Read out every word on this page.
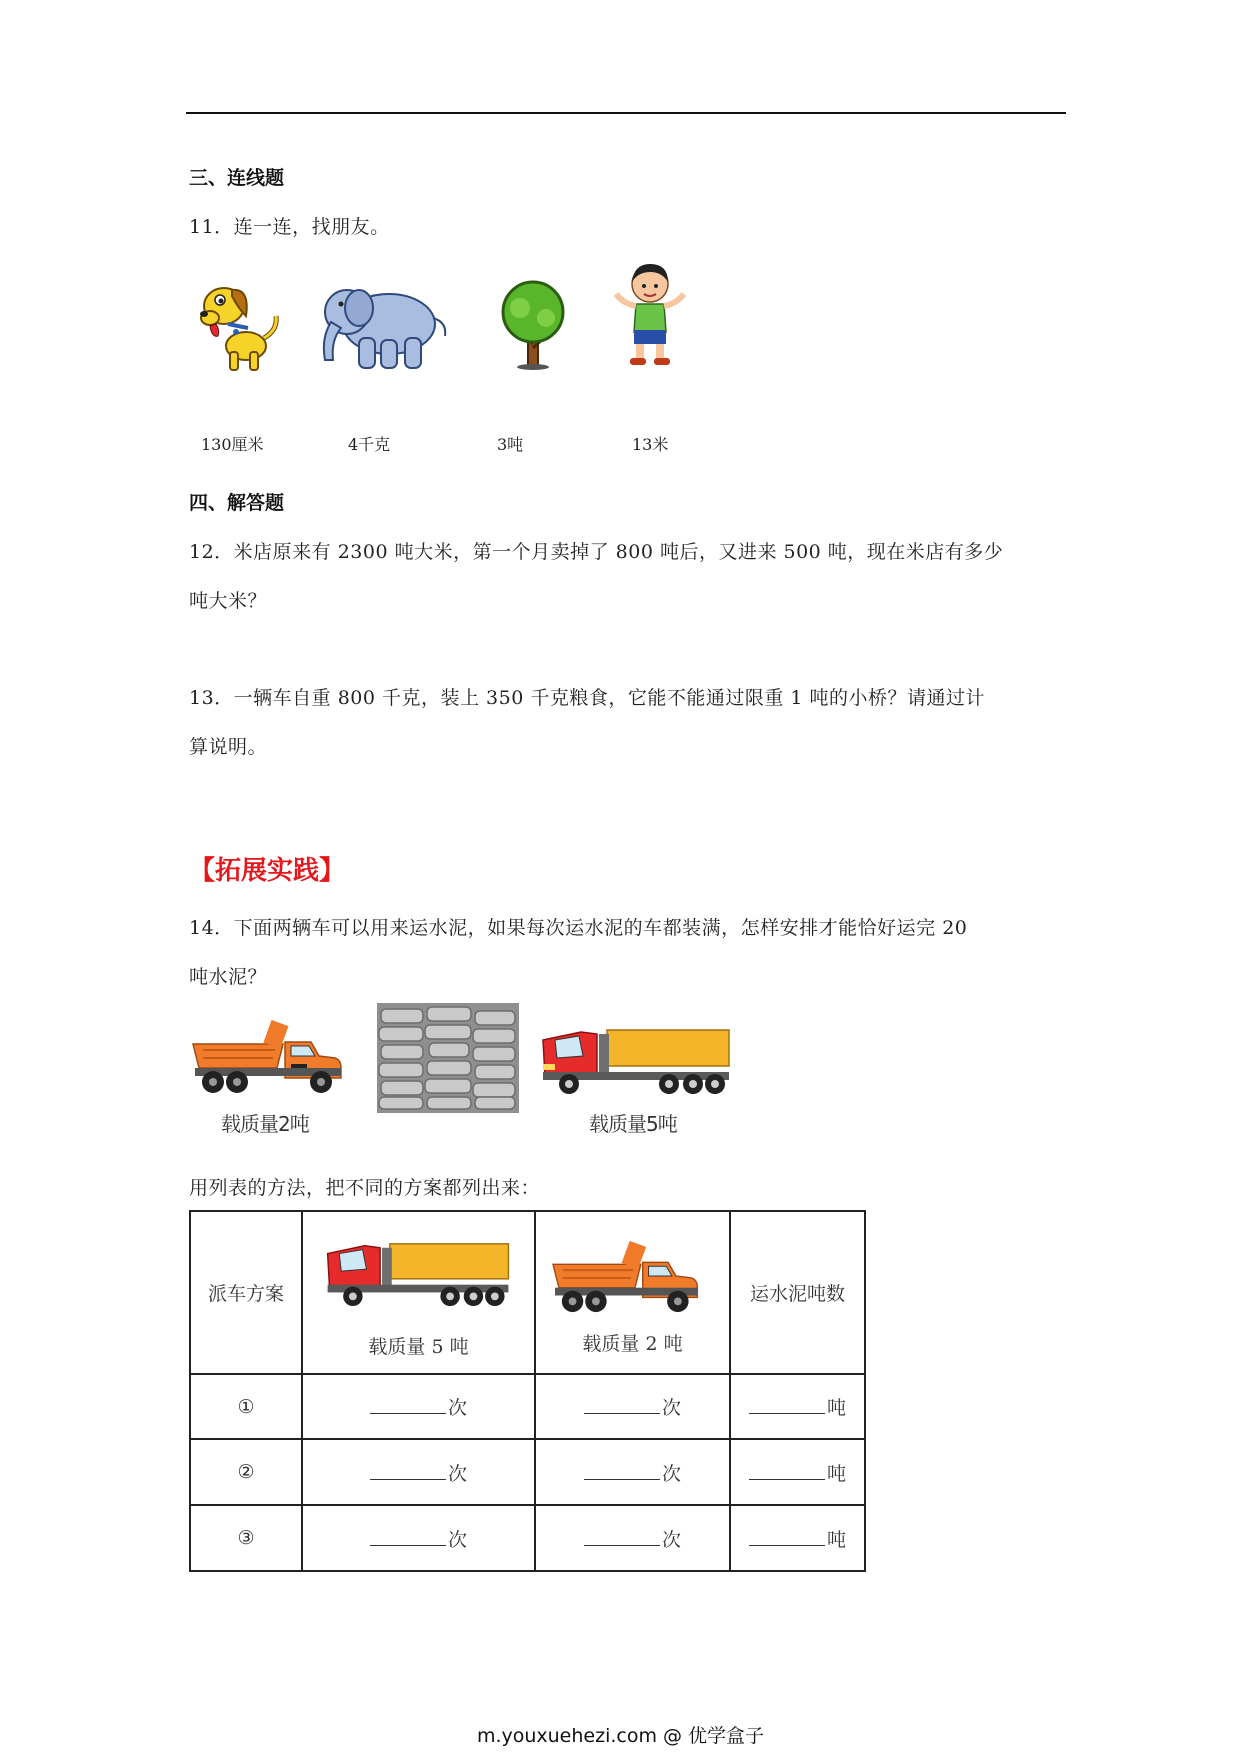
三、连线题
11．连一连，找朋友。
130厘米	4千克	3吨	13米
四、解答题
12．米店原来有 2300 吨大米，第一个月卖掉了 800 吨后，又进来 500 吨，现在米店有多少
吨大米？
13．一辆车自重 800 千克，装上 350 千克粮食，它能不能通过限重 1 吨的小桥？请通过计
算说明。
【拓展实践】
14．下面两辆车可以用来运水泥，如果每次运水泥的车都装满，怎样安排才能恰好运完 20
吨水泥？
载质量2吨	载质量5吨
用列表的方法，把不同的方案都列出来：
派车方案	载质量 5 吨	载质量 2 吨	运水泥吨数
①	次	次	吨
②	次	次	吨
③	次	次	吨
m.youxuehezi.com @ 优学盒子
